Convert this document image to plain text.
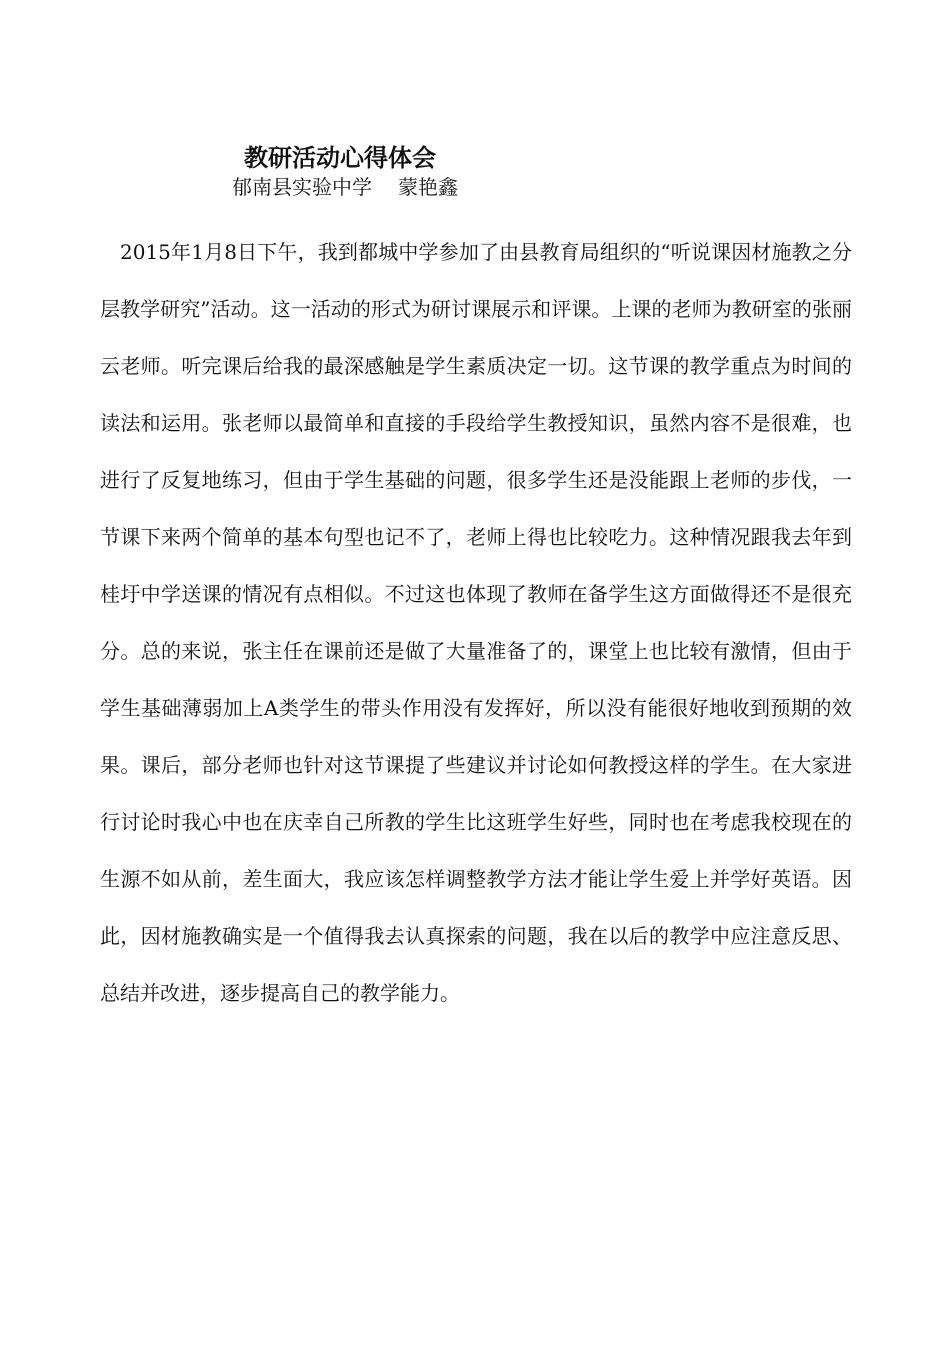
教研活动心得体会
郁南县实验中学 蒙艳鑫

2015年1月8日下午，我到都城中学参加了由县教育局组织的“听说课因材施教之分层教学研究”活动。这一活动的形式为研讨课展示和评课。上课的老师为教研室的张丽云老师。听完课后给我的最深感触是学生素质决定一切。这节课的教学重点为时间的读法和运用。张老师以最简单和直接的手段给学生教授知识，虽然内容不是很难，也进行了反复地练习，但由于学生基础的问题，很多学生还是没能跟上老师的步伐，一节课下来两个简单的基本句型也记不了，老师上得也比较吃力。这种情况跟我去年到桂圩中学送课的情况有点相似。不过这也体现了教师在备学生这方面做得还不是很充分。总的来说，张主任在课前还是做了大量准备了的，课堂上也比较有激情，但由于学生基础薄弱加上A类学生的带头作用没有发挥好，所以没有能很好地收到预期的效果。课后，部分老师也针对这节课提了些建议并讨论如何教授这样的学生。在大家进行讨论时我心中也在庆幸自己所教的学生比这班学生好些，同时也在考虑我校现在的生源不如从前，差生面大，我应该怎样调整教学方法才能让学生爱上并学好英语。因此，因材施教确实是一个值得我去认真探索的问题，我在以后的教学中应注意反思、总结并改进，逐步提高自己的教学能力。
